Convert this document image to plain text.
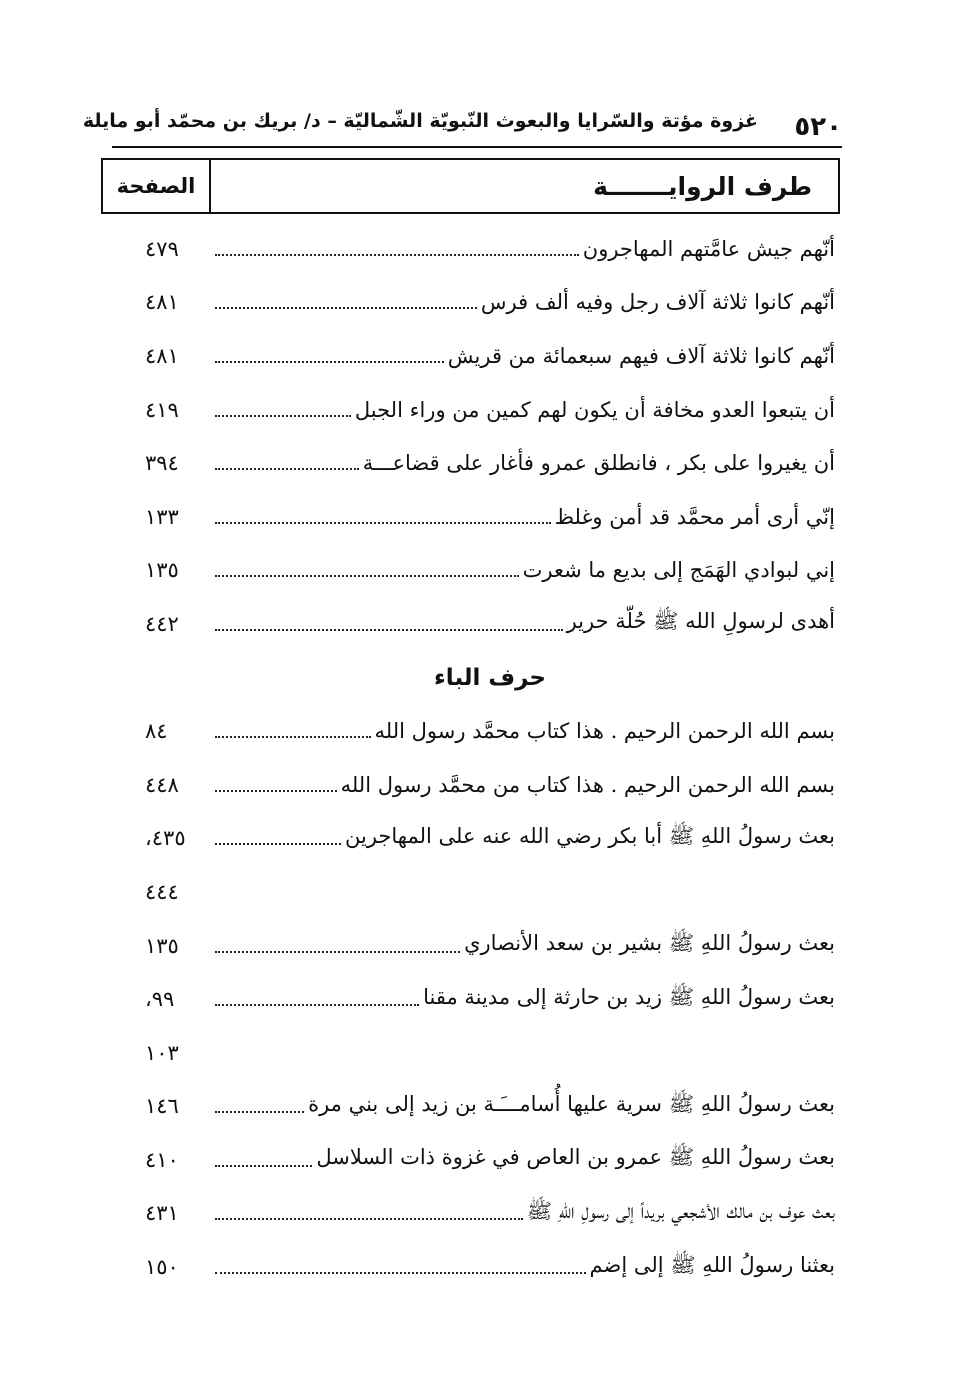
٥٢٠
غزوة مؤتة والسّرايا والبعوث النّبويّة الشّماليّة – د/ بريك بن محمّد أبو مايلة
طرف الروايـــــــة
الصفحة
أنّهم جيش عامَّتهم المهاجرون
٤٧٩
أنّهم كانوا ثلاثة آلاف رجل وفيه ألف فرس
٤٨١
أنّهم كانوا ثلاثة آلاف فيهم سبعمائة من قريش
٤٨١
أن يتبعوا العدو مخافة أن يكون لهم كمين من وراء الجبل
٤١٩
أن يغيروا على بكر ، فانطلق عمرو فأغار على قضاعـــة
٣٩٤
إنّي أرى أمر محمَّد قد أمن وغلظ
١٣٣
إني لبوادي الهَمَج إلى بديع ما شعرت
١٣٥
أهدى لرسولِ الله ﷺ حُلّة حرير
٤٤٢
حرف الباء
بسم الله الرحمن الرحيم . هذا كتاب محمَّد رسول الله
٨٤
بسم الله الرحمن الرحيم . هذا كتاب من محمَّد رسول الله
٤٤٨
بعث رسولُ اللهِ ﷺ أبا بكر رضي الله عنه على المهاجرين
٤٣٥،
٤٤٤
بعث رسولُ اللهِ ﷺ بشير بن سعد الأنصاري
١٣٥
بعث رسولُ اللهِ ﷺ زيد بن حارثة إلى مدينة مقنا
٩٩،
١٠٣
بعث رسولُ اللهِ ﷺ سرية عليها أُسامـــَـة بن زيد إلى بني مرة
١٤٦
بعث رسولُ اللهِ ﷺ عمرو بن العاص في غزوة ذات السلاسل
٤١٠
بعث عوف بن مالك الأشجعي بريداً إلى رسولِ اللهِ ﷺ
٤٣١
بعثنا رسولُ اللهِ ﷺ إلى إضم
١٥٠
